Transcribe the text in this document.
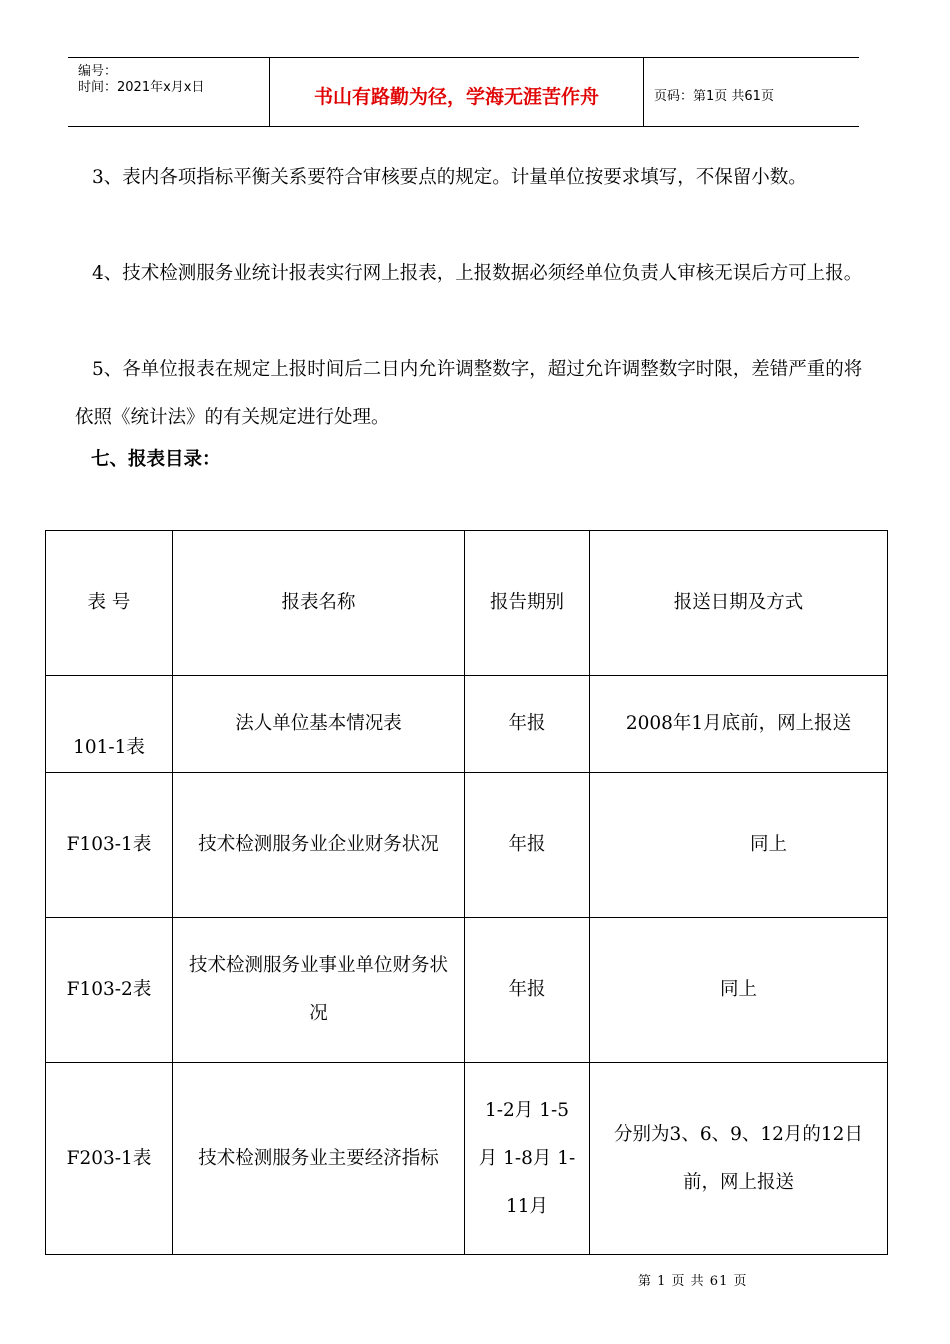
编号：
时间：2021年x月x日	书山有路勤为径，学海无涯苦作舟	页码：第1页 共61页
3、表内各项指标平衡关系要符合审核要点的规定。计量单位按要求填写，不保留小数。
4、技术检测服务业统计报表实行网上报表，上报数据必须经单位负责人审核无误后方可上报。
5、各单位报表在规定上报时间后二日内允许调整数字，超过允许调整数字时限，差错严重的将依照《统计法》的有关规定进行处理。
七、报表目录：
表 号	报表名称	报告期别	报送日期及方式
101-1表	法人单位基本情况表	年报	2008年1月底前，网上报送
F103-1表	技术检测服务业企业财务状况	年报	同上
F103-2表	技术检测服务业事业单位财务状况	年报	同上
F203-1表	技术检测服务业主要经济指标	1-2月 1-5月 1-8月 1-11月	分别为3、6、9、12月的12日前，网上报送
第 1 页 共 61 页
